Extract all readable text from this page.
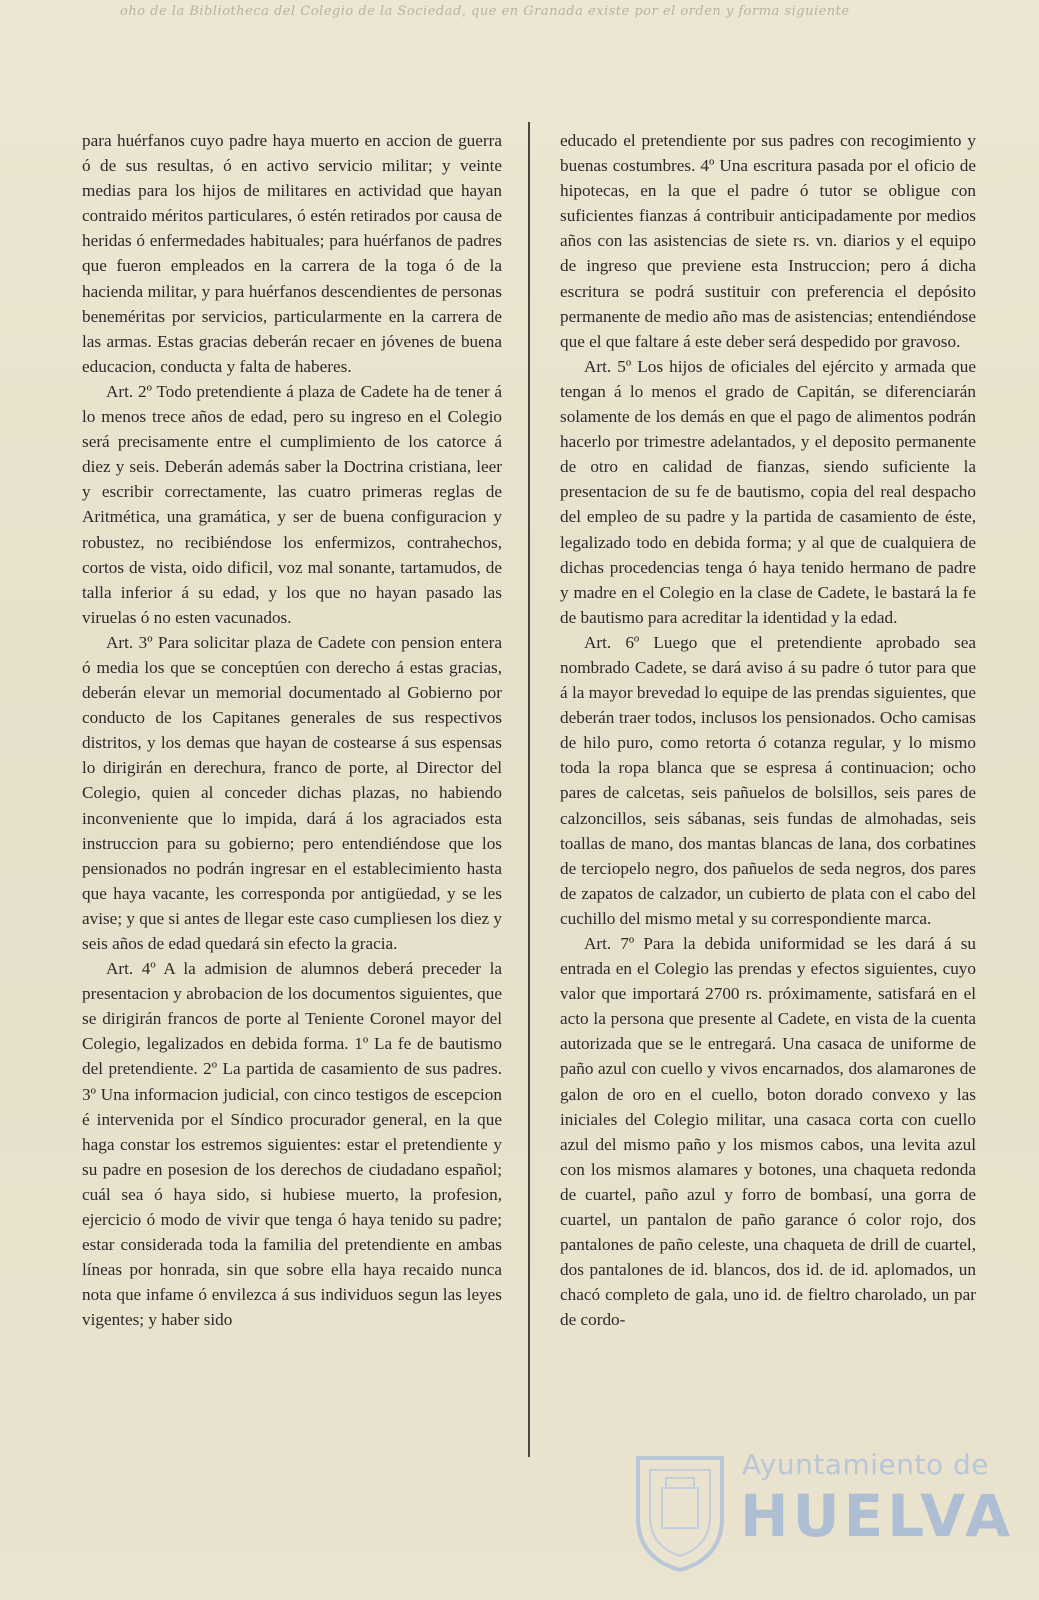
oho de la Bibliotheca del Colegio de la Sociedad, que en Granada existe por el orden y forma siguiente

para huérfanos cuyo padre haya muerto en accion de guerra ó de sus resultas, ó en activo servicio militar; y veinte medias para los hijos de militares en actividad que hayan contraido méritos particulares, ó estén retirados por causa de heridas ó enfermedades habituales; para huérfanos de padres que fueron empleados en la carrera de la toga ó de la hacienda militar, y para huérfanos descendientes de personas beneméritas por servicios, particularmente en la carrera de las armas. Estas gracias deberán recaer en jóvenes de buena educacion, conducta y falta de haberes.

Art. 2º Todo pretendiente á plaza de Cadete ha de tener á lo menos trece años de edad, pero su ingreso en el Colegio será precisamente entre el cumplimiento de los catorce á diez y seis. Deberán además saber la Doctrina cristiana, leer y escribir correctamente, las cuatro primeras reglas de Aritmética, una gramática, y ser de buena configuracion y robustez, no recibiéndose los enfermizos, contrahechos, cortos de vista, oido dificil, voz mal sonante, tartamudos, de talla inferior á su edad, y los que no hayan pasado las viruelas ó no esten vacunados.

Art. 3º Para solicitar plaza de Cadete con pension entera ó media los que se conceptúen con derecho á estas gracias, deberán elevar un memorial documentado al Gobierno por conducto de los Capitanes generales de sus respectivos distritos, y los demas que hayan de costearse á sus espensas lo dirigirán en derechura, franco de porte, al Director del Colegio, quien al conceder dichas plazas, no habiendo inconveniente que lo impida, dará á los agraciados esta instruccion para su gobierno; pero entendiéndose que los pensionados no podrán ingresar en el establecimiento hasta que haya vacante, les corresponda por antigüedad, y se les avise; y que si antes de llegar este caso cumpliesen los diez y seis años de edad quedará sin efecto la gracia.

Art. 4º A la admision de alumnos deberá preceder la presentacion y abrobacion de los documentos siguientes, que se dirigirán francos de porte al Teniente Coronel mayor del Colegio, legalizados en debida forma. 1º La fe de bautismo del pretendiente. 2º La partida de casamiento de sus padres. 3º Una informacion judicial, con cinco testigos de escepcion é intervenida por el Síndico procurador general, en la que haga constar los estremos siguientes: estar el pretendiente y su padre en posesion de los derechos de ciudadano español; cuál sea ó haya sido, si hubiese muerto, la profesion, ejercicio ó modo de vivir que tenga ó haya tenido su padre; estar considerada toda la familia del pretendiente en ambas líneas por honrada, sin que sobre ella haya recaido nunca nota que infame ó envilezca á sus individuos segun las leyes vigentes; y haber sido

educado el pretendiente por sus padres con recogimiento y buenas costumbres. 4º Una escritura pasada por el oficio de hipotecas, en la que el padre ó tutor se obligue con suficientes fianzas á contribuir anticipadamente por medios años con las asistencias de siete rs. vn. diarios y el equipo de ingreso que previene esta Instruccion; pero á dicha escritura se podrá sustituir con preferencia el depósito permanente de medio año mas de asistencias; entendiéndose que el que faltare á este deber será despedido por gravoso.

Art. 5º Los hijos de oficiales del ejército y armada que tengan á lo menos el grado de Capitán, se diferenciarán solamente de los demás en que el pago de alimentos podrán hacerlo por trimestre adelantados, y el deposito permanente de otro en calidad de fianzas, siendo suficiente la presentacion de su fe de bautismo, copia del real despacho del empleo de su padre y la partida de casamiento de éste, legalizado todo en debida forma; y al que de cualquiera de dichas procedencias tenga ó haya tenido hermano de padre y madre en el Colegio en la clase de Cadete, le bastará la fe de bautismo para acreditar la identidad y la edad.

Art. 6º Luego que el pretendiente aprobado sea nombrado Cadete, se dará aviso á su padre ó tutor para que á la mayor brevedad lo equipe de las prendas siguientes, que deberán traer todos, inclusos los pensionados. Ocho camisas de hilo puro, como retorta ó cotanza regular, y lo mismo toda la ropa blanca que se espresa á continuacion; ocho pares de calcetas, seis pañuelos de bolsillos, seis pares de calzoncillos, seis sábanas, seis fundas de almohadas, seis toallas de mano, dos mantas blancas de lana, dos corbatines de terciopelo negro, dos pañuelos de seda negros, dos pares de zapatos de calzador, un cubierto de plata con el cabo del cuchillo del mismo metal y su correspondiente marca.

Art. 7º Para la debida uniformidad se les dará á su entrada en el Colegio las prendas y efectos siguientes, cuyo valor que importará 2700 rs. próximamente, satisfará en el acto la persona que presente al Cadete, en vista de la cuenta autorizada que se le entregará. Una casaca de uniforme de paño azul con cuello y vivos encarnados, dos alamarones de galon de oro en el cuello, boton dorado convexo y las iniciales del Colegio militar, una casaca corta con cuello azul del mismo paño y los mismos cabos, una levita azul con los mismos alamares y botones, una chaqueta redonda de cuartel, paño azul y forro de bombasí, una gorra de cuartel, un pantalon de paño garance ó color rojo, dos pantalones de paño celeste, una chaqueta de drill de cuartel, dos pantalones de id. blancos, dos id. de id. aplomados, un chacó completo de gala, uno id. de fieltro charolado, un par de cordo-

Ayuntamiento de
HUELVA
